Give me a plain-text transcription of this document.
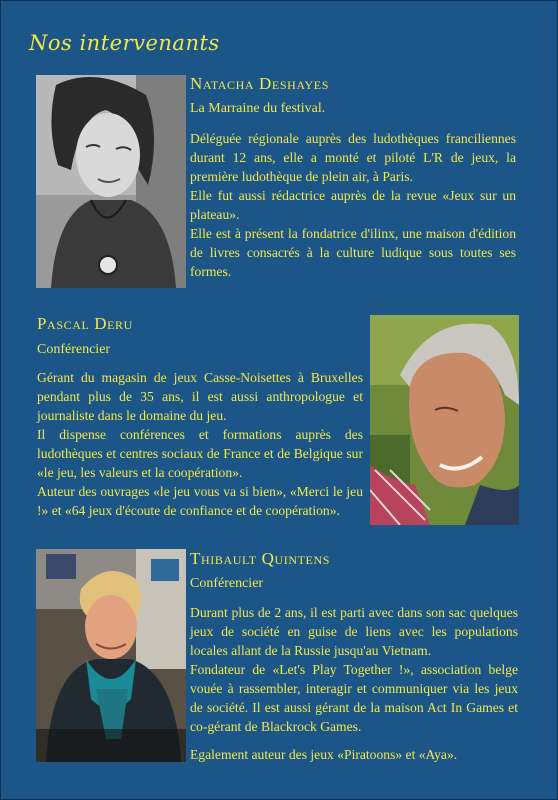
Nos intervenants
Natacha Deshayes
La Marraine du festival.

Déléguée régionale auprès des ludothèques franciliennes durant 12 ans, elle a monté et piloté L'R de jeux, la première ludothèque de plein air, à Paris.

Elle fut aussi rédactrice auprès de la revue «Jeux sur un plateau».

Elle est à présent la fondatrice d'ilinx, une maison d'édition de livres consacrés à la culture ludique sous toutes ses formes.

Pascal Deru
Conférencier

Gérant du magasin de jeux Casse-Noisettes à Bruxelles pendant plus de 35 ans, il est aussi anthropologue et journaliste dans le domaine du jeu.

Il dispense conférences et formations auprès des ludothèques et centres sociaux de France et de Belgique sur «le jeu, les valeurs et la coopération».

Auteur des ouvrages «le jeu vous va si bien», «Merci le jeu !» et «64 jeux d'écoute de confiance et de coopération».

Thibault Quintens
Conférencier

Durant plus de 2 ans, il est parti avec dans son sac quelques jeux de société en guise de liens avec les populations locales allant de la Russie jusqu'au Vietnam.

Fondateur de «Let's Play Together !», association belge vouée à rassembler, interagir et communiquer via les jeux de société. Il est aussi gérant de la maison Act In Games et co-gérant de Blackrock Games.

Egalement auteur des jeux «Piratoons» et «Aya».
